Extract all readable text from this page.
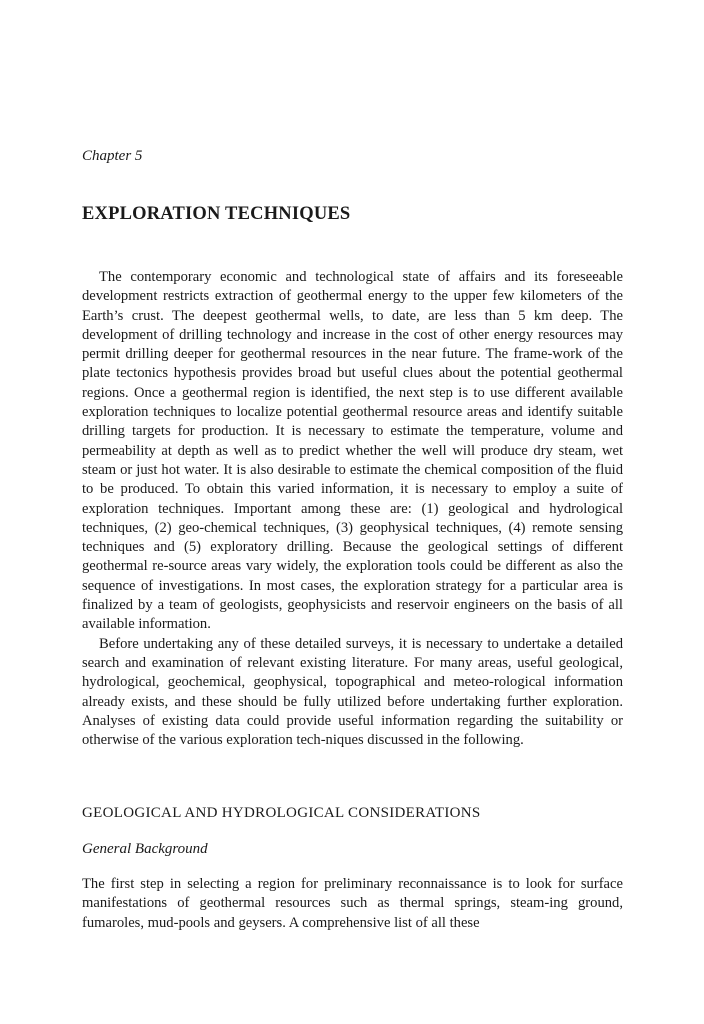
Chapter 5
EXPLORATION TECHNIQUES

The contemporary economic and technological state of affairs and its foreseeable development restricts extraction of geothermal energy to the upper few kilometers of the Earth’s crust. The deepest geothermal wells, to date, are less than 5 km deep. The development of drilling technology and increase in the cost of other energy resources may permit drilling deeper for geothermal resources in the near future. The frame-work of the plate tectonics hypothesis provides broad but useful clues about the potential geothermal regions. Once a geothermal region is identified, the next step is to use different available exploration techniques to localize potential geothermal resource areas and identify suitable drilling targets for production. It is necessary to estimate the temperature, volume and permeability at depth as well as to predict whether the well will produce dry steam, wet steam or just hot water. It is also desirable to estimate the chemical composition of the fluid to be produced. To obtain this varied information, it is necessary to employ a suite of exploration techniques. Important among these are: (1) geological and hydrological techniques, (2) geo-chemical techniques, (3) geophysical techniques, (4) remote sensing techniques and (5) exploratory drilling. Because the geological settings of different geothermal re-source areas vary widely, the exploration tools could be different as also the sequence of investigations. In most cases, the exploration strategy for a particular area is finalized by a team of geologists, geophysicists and reservoir engineers on the basis of all available information.

Before undertaking any of these detailed surveys, it is necessary to undertake a detailed search and examination of relevant existing literature. For many areas, useful geological, hydrological, geochemical, geophysical, topographical and meteo-rological information already exists, and these should be fully utilized before undertaking further exploration. Analyses of existing data could provide useful information regarding the suitability or otherwise of the various exploration tech-niques discussed in the following.

GEOLOGICAL AND HYDROLOGICAL CONSIDERATIONS
General Background

The first step in selecting a region for preliminary reconnaissance is to look for surface manifestations of geothermal resources such as thermal springs, steam-ing ground, fumaroles, mud-pools and geysers. A comprehensive list of all these
